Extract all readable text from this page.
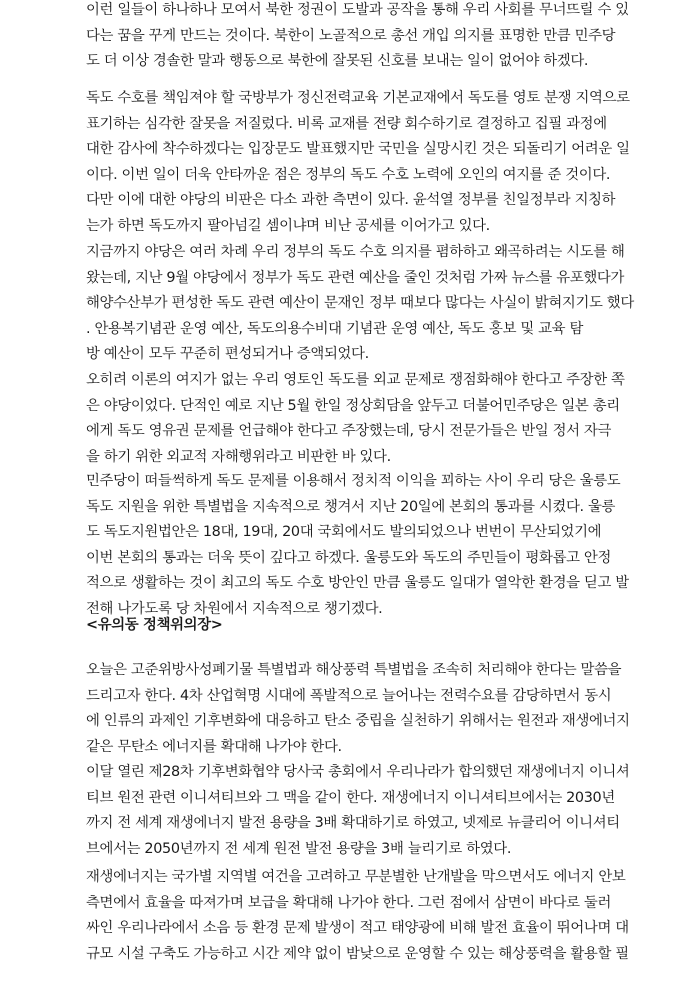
이런 일들이 하나하나 모여서 북한 정권이 도발과 공작을 통해 우리 사회를 무너뜨릴 수 있
다는 꿈을 꾸게 만드는 것이다. 북한이 노골적으로 총선 개입 의지를 표명한 만큼 민주당
도 더 이상 경솔한 말과 행동으로 북한에 잘못된 신호를 보내는 일이 없어야 하겠다.

독도 수호를 책임져야 할 국방부가 정신전력교육 기본교재에서 독도를 영토 분쟁 지역으로
표기하는 심각한 잘못을 저질렀다. 비록 교재를 전량 회수하기로 결정하고 집필 과정에
대한 감사에 착수하겠다는 입장문도 발표했지만 국민을 실망시킨 것은 되돌리기 어려운 일
이다. 이번 일이 더욱 안타까운 점은 정부의 독도 수호 노력에 오인의 여지를 준 것이다.
다만 이에 대한 야당의 비판은 다소 과한 측면이 있다. 윤석열 정부를 친일정부라 지칭하
는가 하면 독도까지 팔아넘길 셈이냐며 비난 공세를 이어가고 있다.

지금까지 야당은 여러 차례 우리 정부의 독도 수호 의지를 폄하하고 왜곡하려는 시도를 해
왔는데, 지난 9월 야당에서 정부가 독도 관련 예산을 줄인 것처럼 가짜 뉴스를 유포했다가
해양수산부가 편성한 독도 관련 예산이 문재인 정부 때보다 많다는 사실이 밝혀지기도 했다
. 안용복기념관 운영 예산, 독도의용수비대 기념관 운영 예산, 독도 홍보 및 교육 탐
방 예산이 모두 꾸준히 편성되거나 증액되었다.

오히려 이론의 여지가 없는 우리 영토인 독도를 외교 문제로 쟁점화해야 한다고 주장한 쪽
은 야당이었다. 단적인 예로 지난 5월 한일 정상회담을 앞두고 더불어민주당은 일본 총리
에게 독도 영유권 문제를 언급해야 한다고 주장했는데, 당시 전문가들은 반일 정서 자극
을 하기 위한 외교적 자해행위라고 비판한 바 있다.

민주당이 떠들썩하게 독도 문제를 이용해서 정치적 이익을 꾀하는 사이 우리 당은 울릉도
독도 지원을 위한 특별법을 지속적으로 챙겨서 지난 20일에 본회의 통과를 시켰다. 울릉
도 독도지원법안은 18대, 19대, 20대 국회에서도 발의되었으나 번번이 무산되었기에
이번 본회의 통과는 더욱 뜻이 깊다고 하겠다. 울릉도와 독도의 주민들이 평화롭고 안정
적으로 생활하는 것이 최고의 독도 수호 방안인 만큼 울릉도 일대가 열악한 환경을 딛고 발
전해 나가도록 당 차원에서 지속적으로 챙기겠다.

<유의동 정책위의장>

오늘은 고준위방사성폐기물 특별법과 해상풍력 특별법을 조속히 처리해야 한다는 말씀을
드리고자 한다. 4차 산업혁명 시대에 폭발적으로 늘어나는 전력수요를 감당하면서 동시
에 인류의 과제인 기후변화에 대응하고 탄소 중립을 실천하기 위해서는 원전과 재생에너지
같은 무탄소 에너지를 확대해 나가야 한다.

이달 열린 제28차 기후변화협약 당사국 총회에서 우리나라가 합의했던 재생에너지 이니셔
티브 원전 관련 이니셔티브와 그 맥을 같이 한다. 재생에너지 이니셔티브에서는 2030년
까지 전 세계 재생에너지 발전 용량을 3배 확대하기로 하였고, 넷제로 뉴클리어 이니셔티
브에서는 2050년까지 전 세계 원전 발전 용량을 3배 늘리기로 하였다.

재생에너지는 국가별 지역별 여건을 고려하고 무분별한 난개발을 막으면서도 에너지 안보
측면에서 효율을 따져가며 보급을 확대해 나가야 한다. 그런 점에서 삼면이 바다로 둘러
싸인 우리나라에서 소음 등 환경 문제 발생이 적고 태양광에 비해 발전 효율이 뛰어나며 대
규모 시설 구축도 가능하고 시간 제약 없이 밤낮으로 운영할 수 있는 해상풍력을 활용할 필
